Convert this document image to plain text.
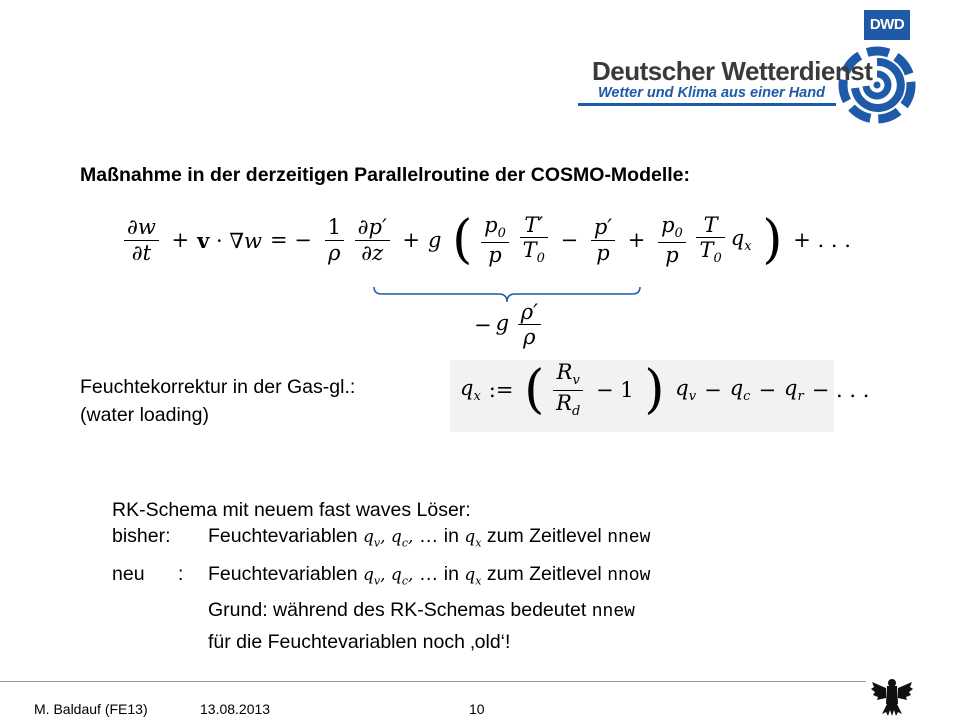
DWD
Deutscher Wetterdienst
Wetter und Klima aus einer Hand
Maßnahme in der derzeitigen Parallelroutine der COSMO-Modelle:
$\frac{\partial w}{\partial t} + v \cdot \nabla w$ = − $\frac{1}{\rho}$
$\frac{\partial p'}{\partial z} + g$ ( $\frac{p_0}{p}$
$\frac{T'}{T_0} - \frac{p'}{p} + \frac{p_0}{p}$
$\frac{T}{T_0} q_x$ ) + . . .
− g $\frac{\rho'}{\rho}$
Feuchtekorrektur in der Gas-gl.:
(water loading)
$q_x$ := ( $\frac{R_v}{R_d} - 1$ ) $q_v - q_c - q_r$ − . . .
RK-Schema mit neuem fast waves Löser:
bisher: Feuchtevariablen $q_v$, $q_c$, … in $q_x$ zum Zeitlevel nnew
neu : Feuchtevariablen $q_v$, $q_c$, … in $q_x$ zum Zeitlevel nnow
Grund: während des RK-Schemas bedeutet nnew
für die Feuchtevariablen noch ‚old‘!
M. Baldauf (FE13)	13.08.2013	10
